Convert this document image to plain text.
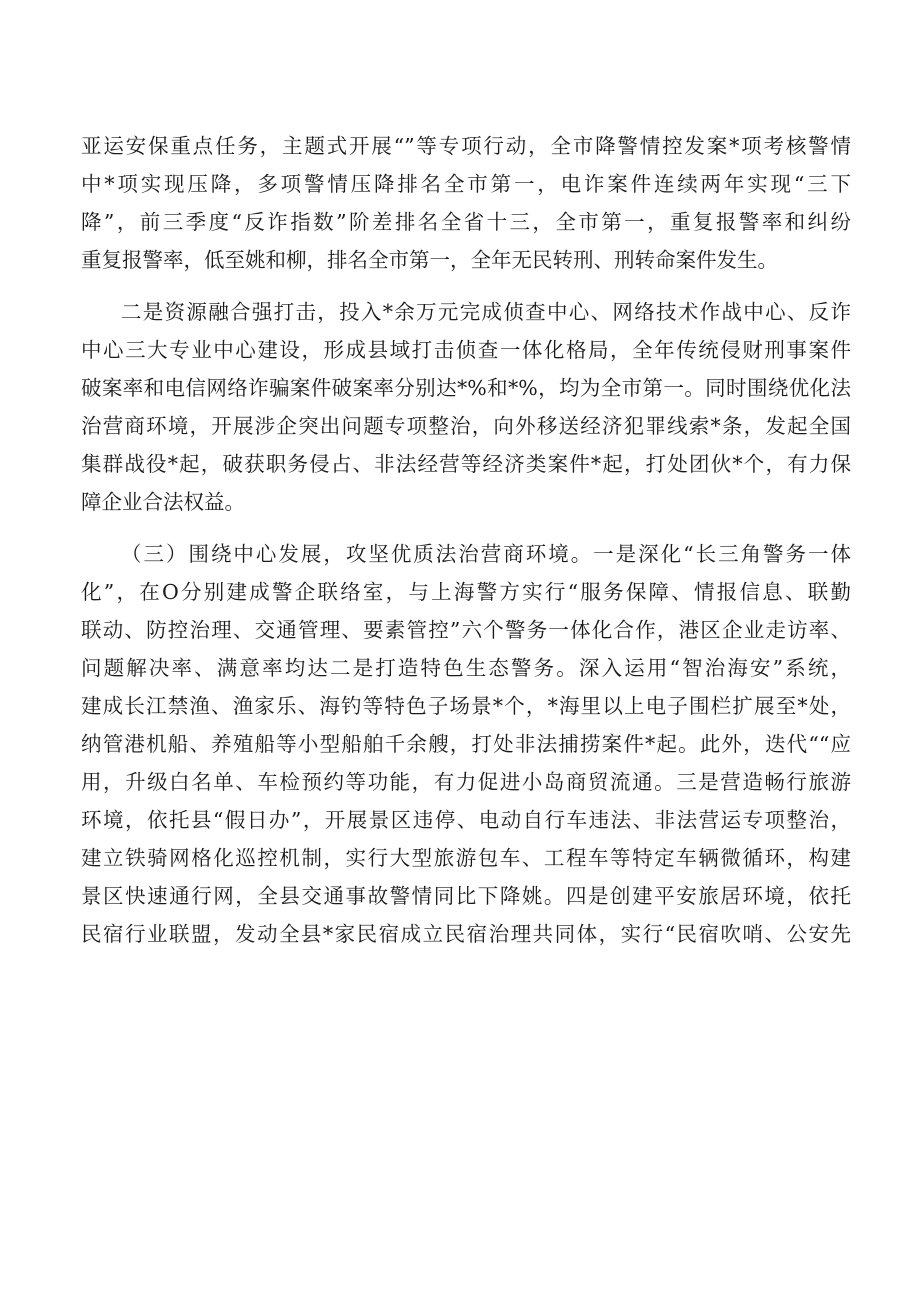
亚运安保重点任务，主题式开展“”等专项行动，全市降警情控发案*项考核警情
中*项实现压降，多项警情压降排名全市第一，电诈案件连续两年实现“三下
降”，前三季度“反诈指数”阶差排名全省十三，全市第一，重复报警率和纠纷
重复报警率，低至姚和柳，排名全市第一，全年无民转刑、刑转命案件发生。
二是资源融合强打击，投入*余万元完成侦查中心、网络技术作战中心、反诈
中心三大专业中心建设，形成县域打击侦查一体化格局，全年传统侵财刑事案件
破案率和电信网络诈骗案件破案率分别达*%和*%，均为全市第一。同时围绕优化法
治营商环境，开展涉企突出问题专项整治，向外移送经济犯罪线索*条，发起全国
集群战役*起，破获职务侵占、非法经营等经济类案件*起，打处团伙*个，有力保
障企业合法权益。
（三）围绕中心发展，攻坚优质法治营商环境。一是深化“长三角警务一体
化”，在O分别建成警企联络室，与上海警方实行“服务保障、情报信息、联勤
联动、防控治理、交通管理、要素管控”六个警务一体化合作，港区企业走访率、
问题解决率、满意率均达二是打造特色生态警务。深入运用“智治海安”系统，
建成长江禁渔、渔家乐、海钓等特色子场景*个，*海里以上电子围栏扩展至*处，
纳管港机船、养殖船等小型船舶千余艘，打处非法捕捞案件*起。此外，迭代““应
用，升级白名单、车检预约等功能，有力促进小岛商贸流通。三是营造畅行旅游
环境，依托县“假日办”，开展景区违停、电动自行车违法、非法营运专项整治，
建立铁骑网格化巡控机制，实行大型旅游包车、工程车等特定车辆微循环，构建
景区快速通行网，全县交通事故警情同比下降姚。四是创建平安旅居环境，依托
民宿行业联盟，发动全县*家民宿成立民宿治理共同体，实行“民宿吹哨、公安先
